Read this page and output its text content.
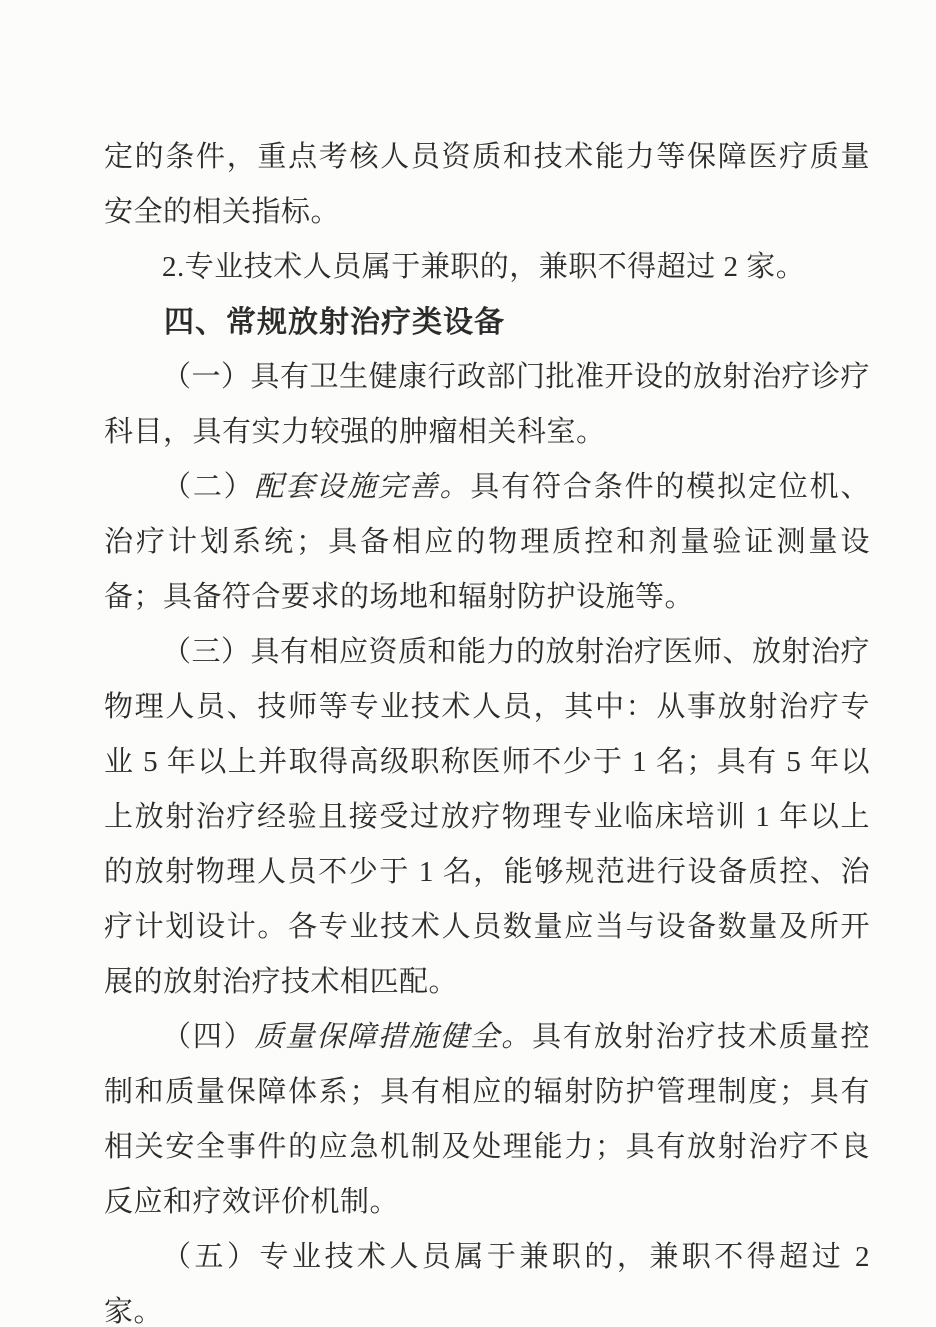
定的条件，重点考核人员资质和技术能力等保障医疗质量安全的相关指标。

2.专业技术人员属于兼职的，兼职不得超过 2 家。

四、常规放射治疗类设备

（一）具有卫生健康行政部门批准开设的放射治疗诊疗科目，具有实力较强的肿瘤相关科室。

（二）配套设施完善。具有符合条件的模拟定位机、治疗计划系统；具备相应的物理质控和剂量验证测量设备；具备符合要求的场地和辐射防护设施等。

（三）具有相应资质和能力的放射治疗医师、放射治疗物理人员、技师等专业技术人员，其中：从事放射治疗专业 5 年以上并取得高级职称医师不少于 1 名；具有 5 年以上放射治疗经验且接受过放疗物理专业临床培训 1 年以上的放射物理人员不少于 1 名，能够规范进行设备质控、治疗计划设计。各专业技术人员数量应当与设备数量及所开展的放射治疗技术相匹配。

（四）质量保障措施健全。具有放射治疗技术质量控制和质量保障体系；具有相应的辐射防护管理制度；具有相关安全事件的应急机制及处理能力；具有放射治疗不良反应和疗效评价机制。

（五）专业技术人员属于兼职的，兼职不得超过 2 家。
